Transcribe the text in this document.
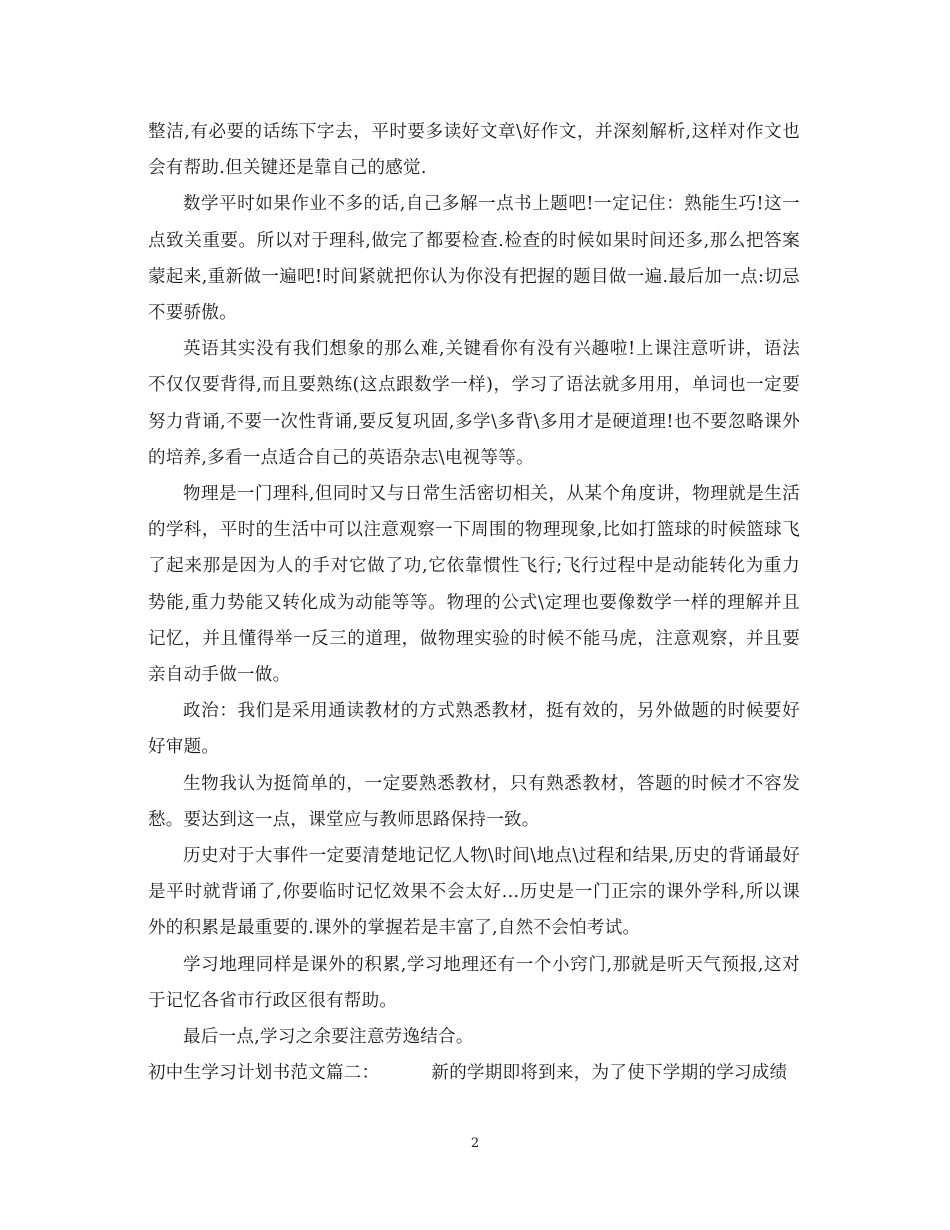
整洁,有必要的话练下字去，平时要多读好文章\好作文，并深刻解析,这样对作文也会有帮助.但关键还是靠自己的感觉.

数学平时如果作业不多的话,自己多解一点书上题吧!一定记住：熟能生巧!这一点致关重要。所以对于理科,做完了都要检查.检查的时候如果时间还多,那么把答案蒙起来,重新做一遍吧!时间紧就把你认为你没有把握的题目做一遍.最后加一点:切忌不要骄傲。

英语其实没有我们想象的那么难,关键看你有没有兴趣啦!上课注意听讲，语法不仅仅要背得,而且要熟练(这点跟数学一样)，学习了语法就多用用，单词也一定要努力背诵,不要一次性背诵,要反复巩固,多学\多背\多用才是硬道理!也不要忽略课外的培养,多看一点适合自己的英语杂志\电视等等。

物理是一门理科,但同时又与日常生活密切相关，从某个角度讲，物理就是生活的学科，平时的生活中可以注意观察一下周围的物理现象,比如打篮球的时候篮球飞了起来那是因为人的手对它做了功,它依靠惯性飞行;飞行过程中是动能转化为重力势能,重力势能又转化成为动能等等。物理的公式\定理也要像数学一样的理解并且记忆，并且懂得举一反三的道理，做物理实验的时候不能马虎，注意观察，并且要亲自动手做一做。

政治：我们是采用通读教材的方式熟悉教材，挺有效的，另外做题的时候要好好审题。

生物我认为挺简单的，一定要熟悉教材，只有熟悉教材，答题的时候才不容发愁。要达到这一点，课堂应与教师思路保持一致。

历史对于大事件一定要清楚地记忆人物\时间\地点\过程和结果,历史的背诵最好是平时就背诵了,你要临时记忆效果不会太好...历史是一门正宗的课外学科,所以课外的积累是最重要的.课外的掌握若是丰富了,自然不会怕考试。

学习地理同样是课外的积累,学习地理还有一个小窍门,那就是听天气预报,这对于记忆各省市行政区很有帮助。

最后一点,学习之余要注意劳逸结合。

初中生学习计划书范文篇二：	新的学期即将到来，为了使下学期的学习成绩

2
